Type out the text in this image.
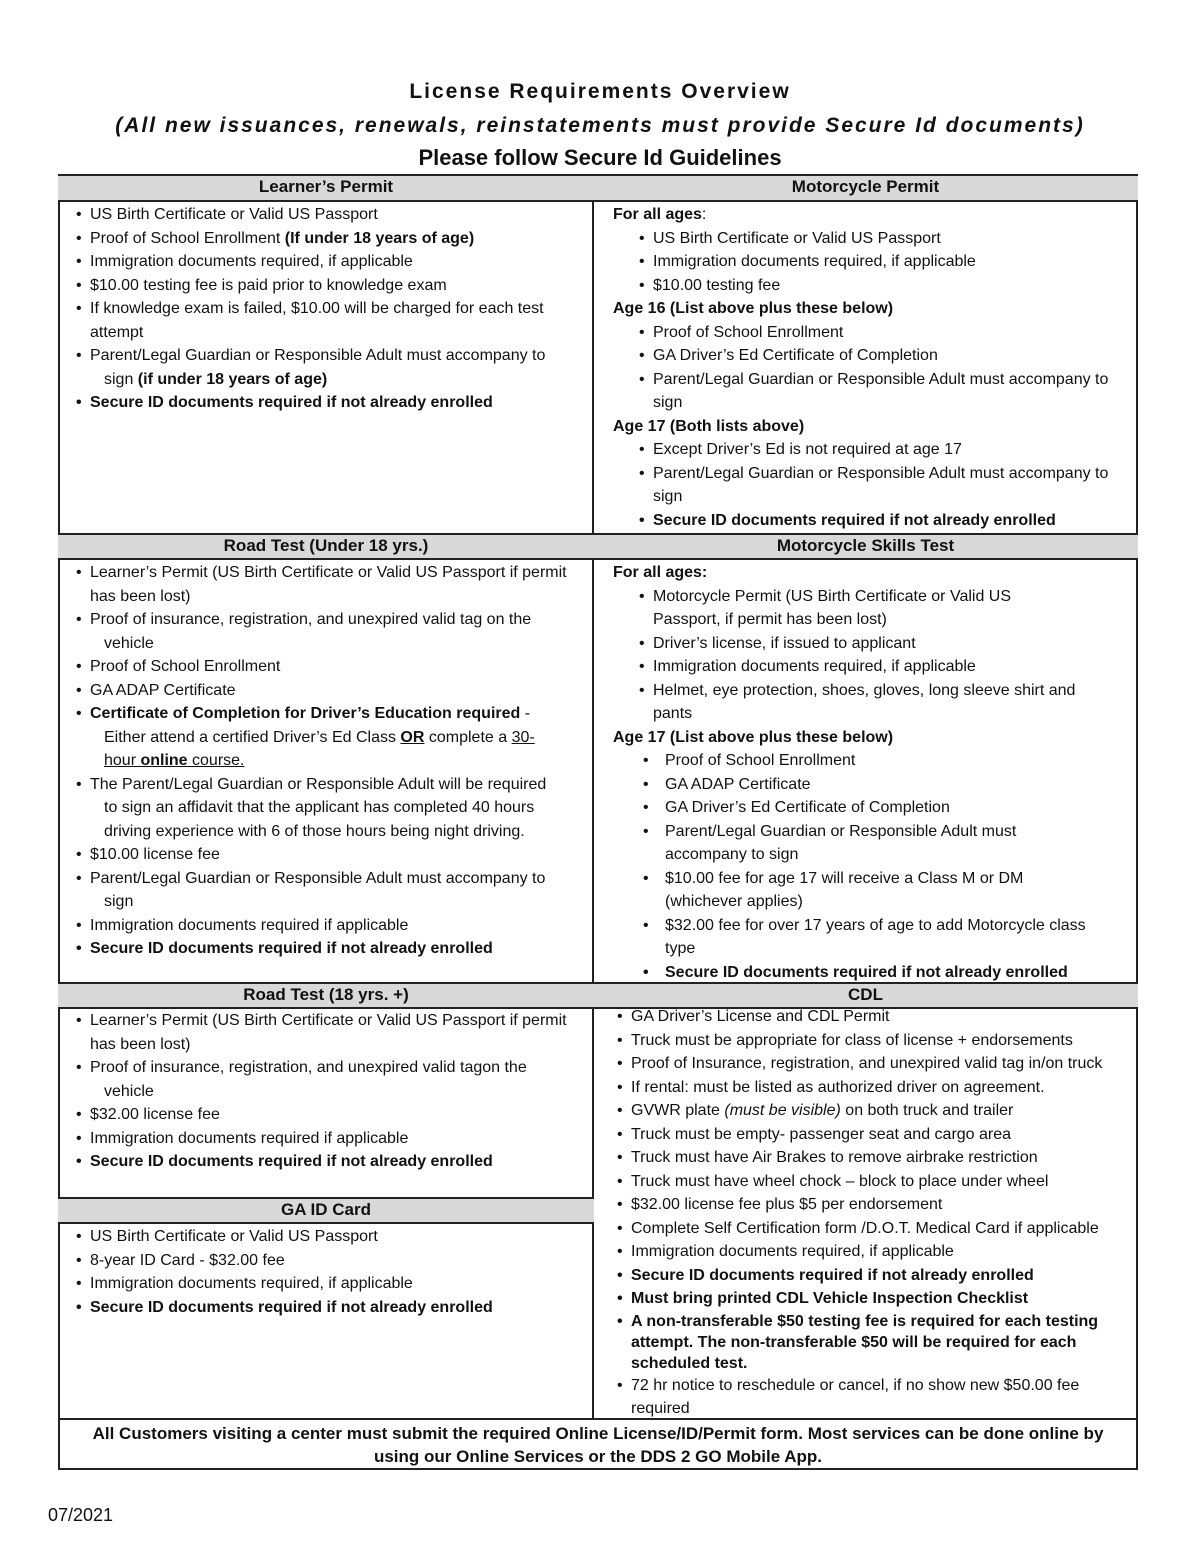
License Requirements Overview
(All new issuances, renewals, reinstatements must provide Secure Id documents)
Please follow Secure Id Guidelines
Learner’s Permit
• US Birth Certificate or Valid US Passport
• Proof of School Enrollment (If under 18 years of age)
• Immigration documents required, if applicable
• $10.00 testing fee is paid prior to knowledge exam
• If knowledge exam is failed, $10.00 will be charged for each test
attempt
• Parent/Legal Guardian or Responsible Adult must accompany to

sign (if under 18 years of age)
• Secure ID documents required if not already enrolled
Motorcycle Permit
For all ages:
• US Birth Certificate or Valid US Passport
• Immigration documents required, if applicable
• $10.00 testing fee
Age 16 (List above plus these below)
• Proof of School Enrollment
• GA Driver’s Ed Certificate of Completion
• Parent/Legal Guardian or Responsible Adult must accompany to
sign
Age 17 (Both lists above)
• Except Driver’s Ed is not required at age 17
• Parent/Legal Guardian or Responsible Adult must accompany to
sign
• Secure ID documents required if not already enrolled
Road Test (Under 18 yrs.)
• Learner’s Permit (US Birth Certificate or Valid US Passport if permit
has been lost)
• Proof of insurance, registration, and unexpired valid tag on the

vehicle
• Proof of School Enrollment
• GA ADAP Certificate
• Certificate of Completion for Driver’s Education required -

Either attend a certified Driver’s Ed Class OR complete a 30-
hour online course.
• The Parent/Legal Guardian or Responsible Adult will be required

to sign an affidavit that the applicant has completed 40 hours
driving experience with 6 of those hours being night driving.
• $10.00 license fee
• Parent/Legal Guardian or Responsible Adult must accompany to

sign
• Immigration documents required if applicable
• Secure ID documents required if not already enrolled
Motorcycle Skills Test
For all ages:
• Motorcycle Permit (US Birth Certificate or Valid US
Passport, if permit has been lost)
• Driver’s license, if issued to applicant
• Immigration documents required, if applicable
• Helmet, eye protection, shoes, gloves, long sleeve shirt and
pants
Age 17 (List above plus these below)
• Proof of School Enrollment
• GA ADAP Certificate
• GA Driver’s Ed Certificate of Completion
• Parent/Legal Guardian or Responsible Adult must
accompany to sign
• $10.00 fee for age 17 will receive a Class M or DM
(whichever applies)
• $32.00 fee for over 17 years of age to add Motorcycle class
type
• Secure ID documents required if not already enrolled
Road Test (18 yrs. +)
• Learner’s Permit (US Birth Certificate or Valid US Passport if permit
has been lost)
• Proof of insurance, registration, and unexpired valid tagon the

vehicle
• $32.00 license fee
• Immigration documents required if applicable
• Secure ID documents required if not already enrolled
GA ID Card
• US Birth Certificate or Valid US Passport
• 8-year ID Card - $32.00 fee
• Immigration documents required, if applicable
• Secure ID documents required if not already enrolled
CDL
• GA Driver’s License and CDL Permit
• Truck must be appropriate for class of license + endorsements
• Proof of Insurance, registration, and unexpired valid tag in/on truck
• If rental: must be listed as authorized driver on agreement.
• GVWR plate (must be visible) on both truck and trailer
• Truck must be empty- passenger seat and cargo area
• Truck must have Air Brakes to remove airbrake restriction
• Truck must have wheel chock – block to place under wheel
• $32.00 license fee plus $5 per endorsement
• Complete Self Certification form /D.O.T. Medical Card if applicable
• Immigration documents required, if applicable
• Secure ID documents required if not already enrolled
• Must bring printed CDL Vehicle Inspection Checklist
• A non-transferable $50 testing fee is required for each testing
attempt. The non-transferable $50 will be required for each
scheduled test.
• 72 hr notice to reschedule or cancel, if no show new $50.00 fee
required
All Customers visiting a center must submit the required Online License/ID/Permit form. Most services can be done online by
using our Online Services or the DDS 2 GO Mobile App.
07/2021
